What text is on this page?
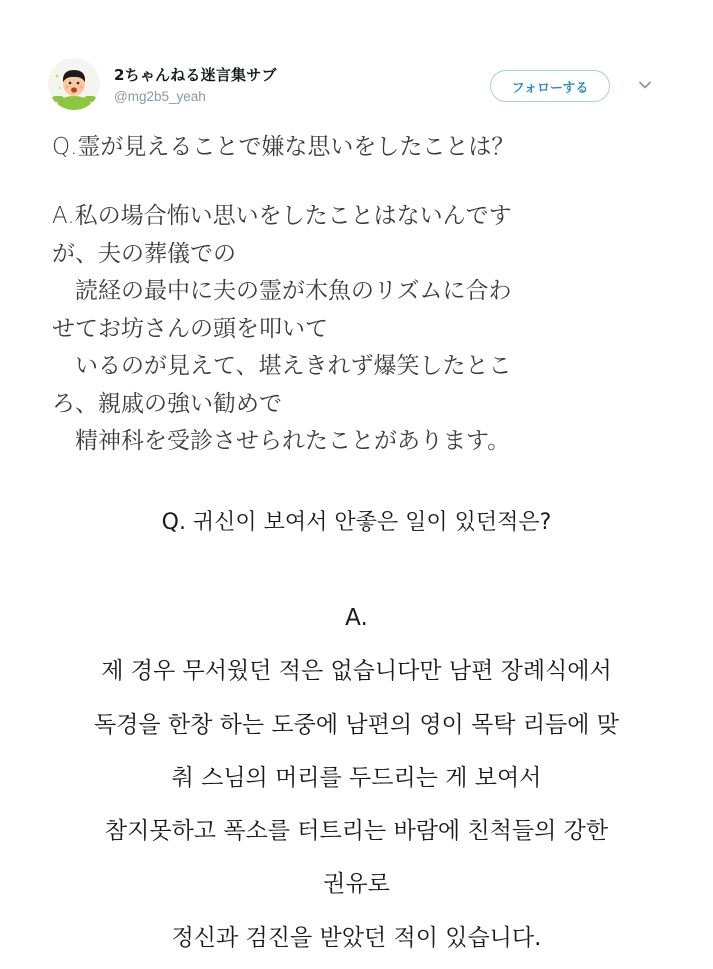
2ちゃんねる迷言集サブ
@mg2b5_yeah
フォローする
Q.霊が見えることで嫌な思いをしたことは？
A.私の場合怖い思いをしたことはないんです
が、夫の葬儀での
　読経の最中に夫の霊が木魚のリズムに合わ
せてお坊さんの頭を叩いて
　いるのが見えて、堪えきれず爆笑したとこ
ろ、親戚の強い勧めで
　精神科を受診させられたことがあります。
Q. 귀신이 보여서 안좋은 일이 있던적은?
A.
제 경우 무서웠던 적은 없습니다만 남편 장례식에서
독경을 한창 하는 도중에 남편의 영이 목탁 리듬에 맞
춰 스님의 머리를 두드리는 게 보여서
참지못하고 폭소를 터트리는 바람에 친척들의 강한
권유로
정신과 검진을 받았던 적이 있습니다.
